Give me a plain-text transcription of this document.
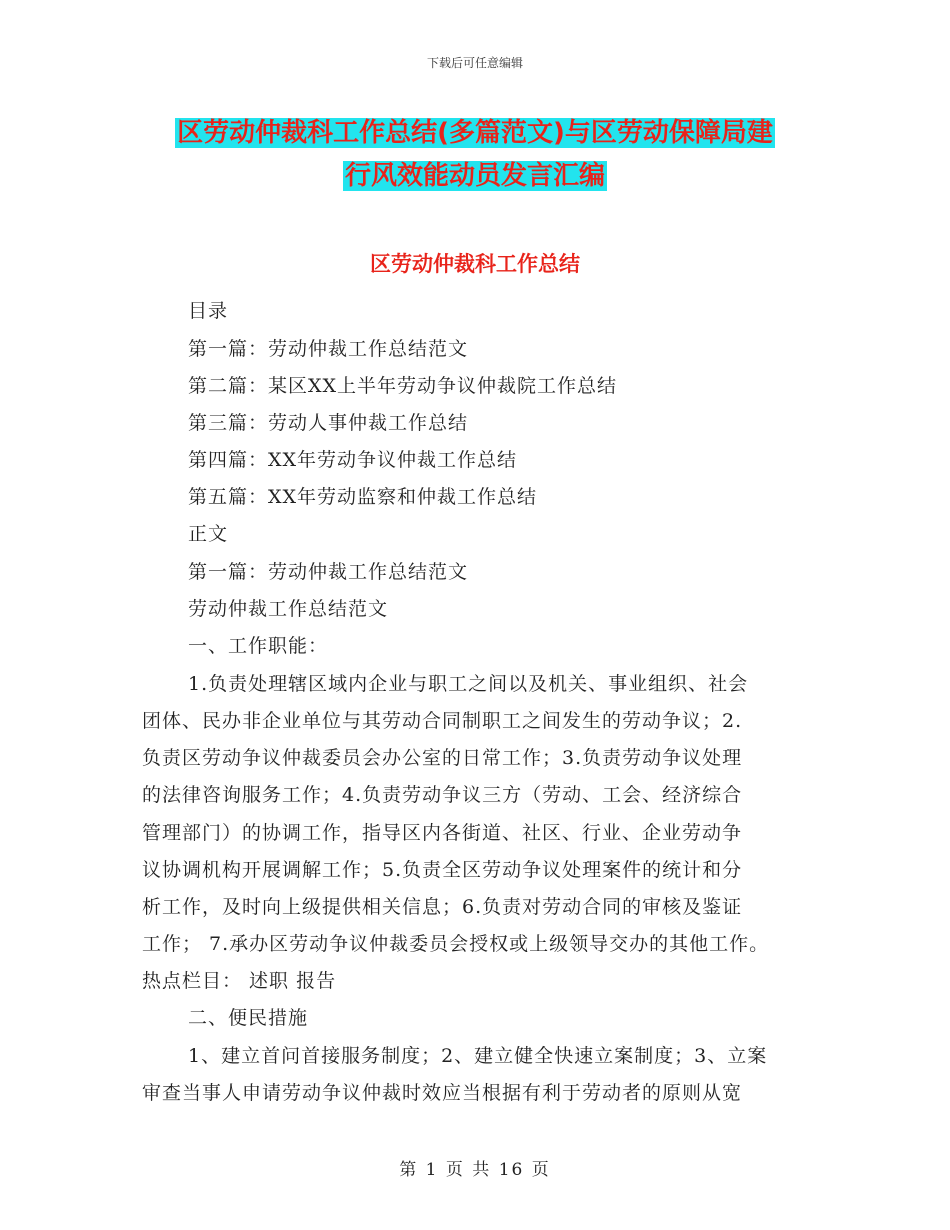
下载后可任意编辑
区劳动仲裁科工作总结(多篇范文)与区劳动保障局建
行风效能动员发言汇编
区劳动仲裁科工作总结
目录
第一篇：劳动仲裁工作总结范文
第二篇：某区XX上半年劳动争议仲裁院工作总结
第三篇：劳动人事仲裁工作总结
第四篇：XX年劳动争议仲裁工作总结
第五篇：XX年劳动监察和仲裁工作总结
正文
第一篇：劳动仲裁工作总结范文
劳动仲裁工作总结范文
一、工作职能：
1.负责处理辖区域内企业与职工之间以及机关、事业组织、社会
团体、民办非企业单位与其劳动合同制职工之间发生的劳动争议；2.
负责区劳动争议仲裁委员会办公室的日常工作；3.负责劳动争议处理
的法律咨询服务工作；4.负责劳动争议三方（劳动、工会、经济综合
管理部门）的协调工作，指导区内各街道、社区、行业、企业劳动争
议协调机构开展调解工作；5.负责全区劳动争议处理案件的统计和分
析工作，及时向上级提供相关信息；6.负责对劳动合同的审核及鉴证
工作； 7.承办区劳动争议仲裁委员会授权或上级领导交办的其他工作。
热点栏目： 述职 报告
二、便民措施
1、建立首问首接服务制度；2、建立健全快速立案制度；3、立案
审查当事人申请劳动争议仲裁时效应当根据有利于劳动者的原则从宽
第 1 页 共 16 页
